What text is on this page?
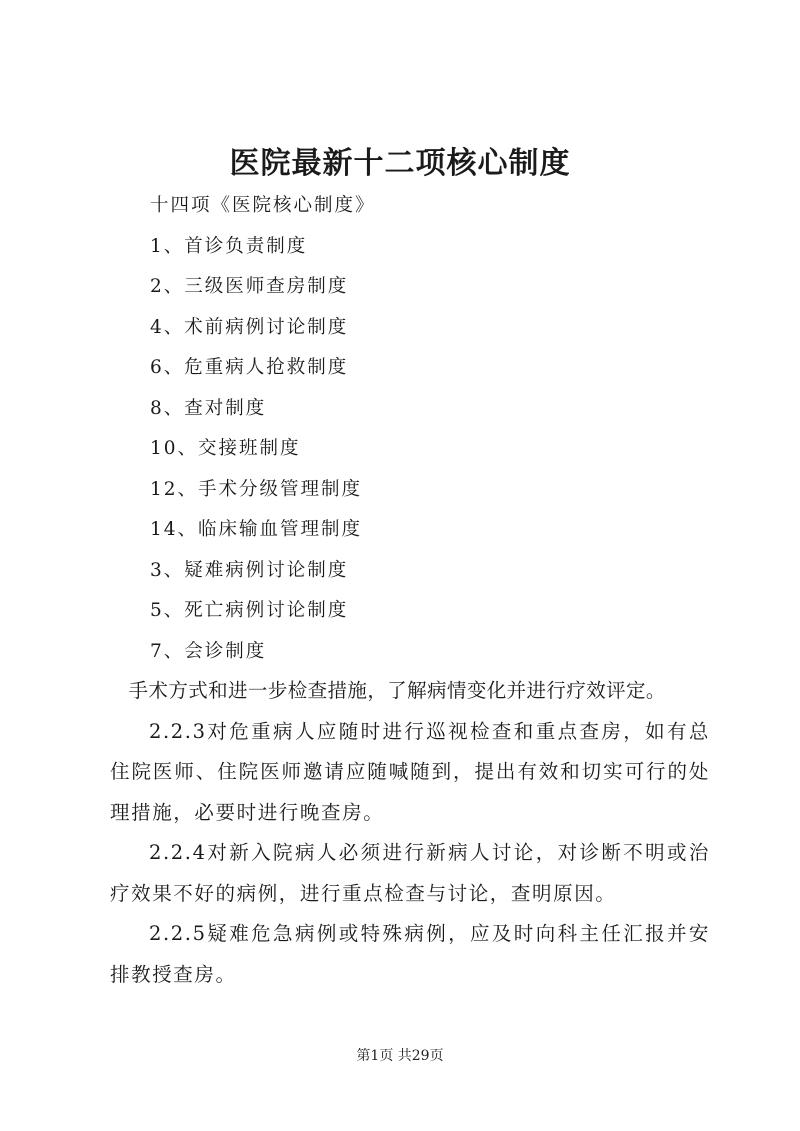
医院最新十二项核心制度
十四项《医院核心制度》
1、首诊负责制度
2、三级医师查房制度
4、术前病例讨论制度
6、危重病人抢救制度
8、查对制度
10、交接班制度
12、手术分级管理制度
14、临床输血管理制度
3、疑难病例讨论制度
5、死亡病例讨论制度
7、会诊制度

手术方式和进一步检查措施，了解病情变化并进行疗效评定。

2.2.3对危重病人应随时进行巡视检查和重点查房，如有总住院医师、住院医师邀请应随喊随到，提出有效和切实可行的处理措施，必要时进行晚查房。

2.2.4对新入院病人必须进行新病人讨论，对诊断不明或治疗效果不好的病例，进行重点检查与讨论，查明原因。

2.2.5疑难危急病例或特殊病例，应及时向科主任汇报并安排教授查房。

第1页 共29页
